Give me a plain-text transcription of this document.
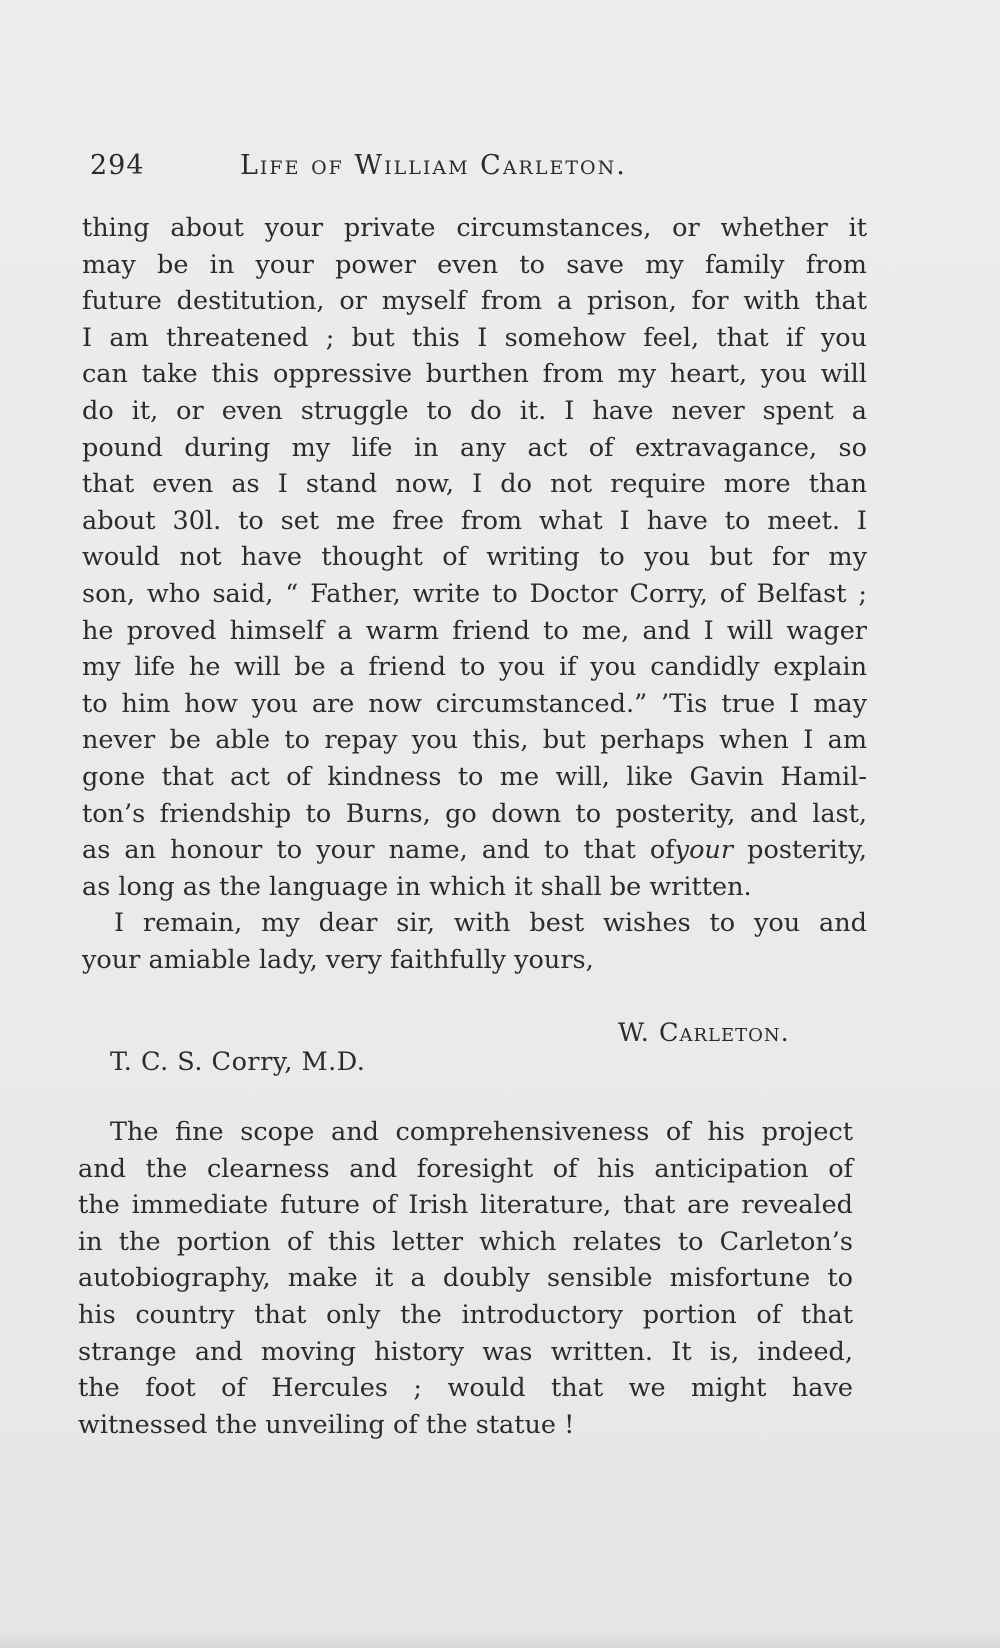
294	Life of William Carleton.
thing about your private circumstances, or whether it
may be in your power even to save my family from
future destitution, or myself from a prison, for with that
I am threatened ; but this I somehow feel, that if you
can take this oppressive burthen from my heart, you will
do it, or even struggle to do it. I have never spent a
pound during my life in any act of extravagance, so
that even as I stand now, I do not require more than
about 30l. to set me free from what I have to meet. I
would not have thought of writing to you but for my
son, who said, “ Father, write to Doctor Corry, of Belfast ;
he proved himself a warm friend to me, and I will wager
my life he will be a friend to you if you candidly explain
to him how you are now circumstanced.” ’Tis true I may
never be able to repay you this, but perhaps when I am
gone that act of kindness to me will, like Gavin Hamil-
ton’s friendship to Burns, go down to posterity, and last,
as an honour to your name, and to that ofyour posterity,
as long as the language in which it shall be written.
I remain, my dear sir, with best wishes to you and
your amiable lady, very faithfully yours,
W. Carleton.
T. C. S. Corry, M.D.
The fine scope and comprehensiveness of his project
and the clearness and foresight of his anticipation of
the immediate future of Irish literature, that are revealed
in the portion of this letter which relates to Carleton’s
autobiography, make it a doubly sensible misfortune to
his country that only the introductory portion of that
strange and moving history was written. It is, indeed,
the foot of Hercules ; would that we might have
witnessed the unveiling of the statue !
